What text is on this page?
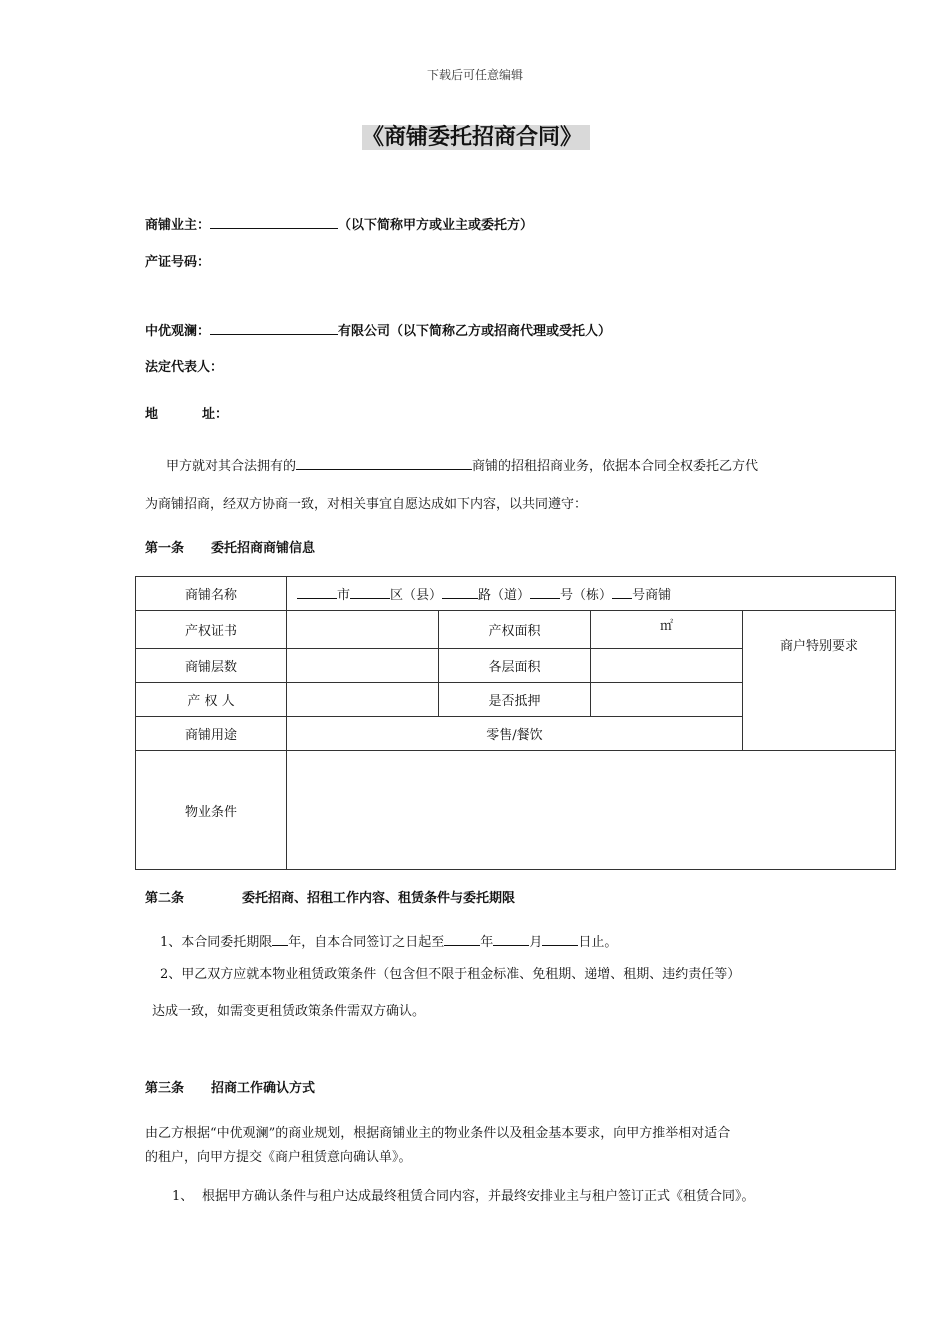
下载后可任意编辑
《商铺委托招商合同》
商铺业主：	（以下简称甲方或业主或委托方）
产证号码：
中优观澜：	有限公司（以下简称乙方或招商代理或受托人）
法定代表人：
地	址：
甲方就对其合法拥有的	商铺的招租招商业务，依据本合同全权委托乙方代
为商铺招商，经双方协商一致，对相关事宜自愿达成如下内容，以共同遵守：
第一条 委托招商商铺信息
商铺名称	市 区（县） 路（道） 号（栋） 号商铺			
产权证书		产权面积	㎡	商户特别要求
商铺层数		各层面积		
产 权 人		是否抵押		
商铺用途	零售/餐饮			
物业条件				
第二条	委托招商、招租工作内容、租赁条件与委托期限
1、本合同委托期限 年，自本合同签订之日起至	年	月	日止。
2、甲乙双方应就本物业租赁政策条件（包含但不限于租金标准、免租期、递增、租期、违约责任等）
达成一致，如需变更租赁政策条件需双方确认。
第三条 招商工作确认方式
由乙方根据“中优观澜”的商业规划，根据商铺业主的物业条件以及租金基本要求，向甲方推举相对适合
的租户，向甲方提交《商户租赁意向确认单》。
1、 根据甲方确认条件与租户达成最终租赁合同内容，并最终安排业主与租户签订正式《租赁合同》。
